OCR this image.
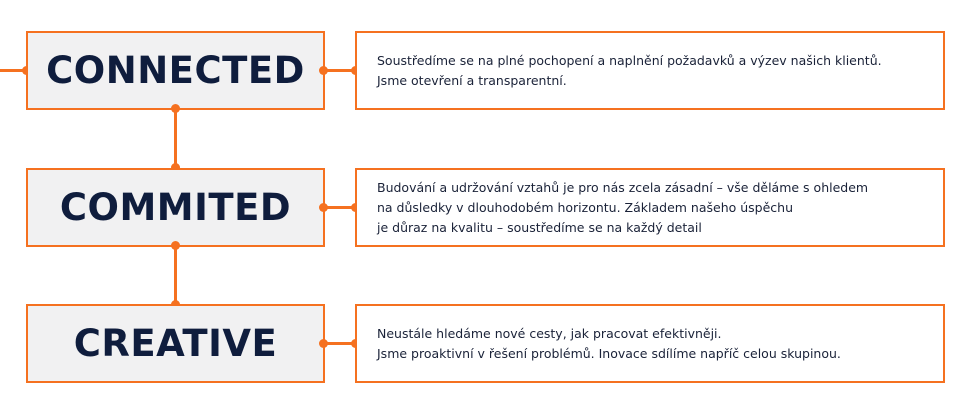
CONNECTED	Soustředíme se na plné pochopení a naplnění požadavků a výzev našich klientů.
Jsme otevření a transparentní.
COMMITED	Budování a udržování vztahů je pro nás zcela zásadní – vše děláme s ohledem
na důsledky v dlouhodobém horizontu. Základem našeho úspěchu
je důraz na kvalitu – soustředíme se na každý detail
CREATIVE	Neustále hledáme nové cesty, jak pracovat efektivněji.
Jsme proaktivní v řešení problémů. Inovace sdílíme napříč celou skupinou.
